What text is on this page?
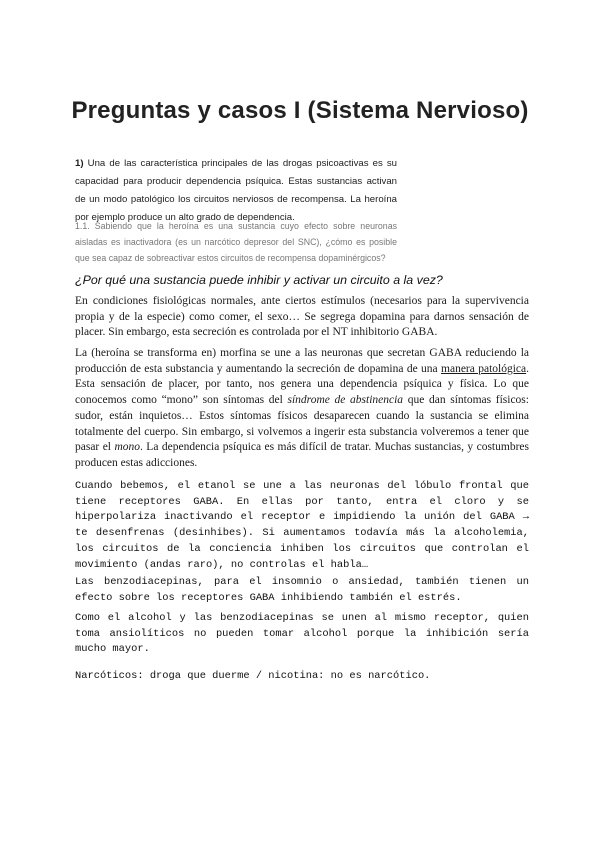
Preguntas y casos I (Sistema Nervioso)
1) Una de las característica principales de las drogas psicoactivas es su capacidad para producir dependencia psíquica. Estas sustancias activan de un modo patológico los circuitos nerviosos de recompensa. La heroína por ejemplo produce un alto grado de dependencia.
1.1. Sabiendo que la heroína es una sustancia cuyo efecto sobre neuronas aisladas es inactivadora (es un narcótico depresor del SNC), ¿cómo es posible que sea capaz de sobreactivar estos circuitos de recompensa dopaminérgicos?
¿Por qué una sustancia puede inhibir y activar un circuito a la vez?

En condiciones fisiológicas normales, ante ciertos estímulos (necesarios para la supervivencia propia y de la especie) como comer, el sexo… Se segrega dopamina para darnos sensación de placer. Sin embargo, esta secreción es controlada por el NT inhibitorio GABA.

La (heroína se transforma en) morfina se une a las neuronas que secretan GABA reduciendo la producción de esta substancia y aumentando la secreción de dopamina de una manera patológica. Esta sensación de placer, por tanto, nos genera una dependencia psíquica y física. Lo que conocemos como “mono” son síntomas del síndrome de abstinencia que dan síntomas físicos: sudor, están inquietos… Estos síntomas físicos desaparecen cuando la sustancia se elimina totalmente del cuerpo. Sin embargo, si volvemos a ingerir esta substancia volveremos a tener que pasar el mono. La dependencia psíquica es más difícil de tratar. Muchas sustancias, y costumbres producen estas adicciones.

Cuando bebemos, el etanol se une a las neuronas del lóbulo frontal que tiene receptores GABA. En ellas por tanto, entra el cloro y se hiperpolariza inactivando el receptor e impidiendo la unión del GABA → te desenfrenas (desinhibes). Si aumentamos todavía más la alcoholemia, los circuitos de la conciencia inhiben los circuitos que controlan el movimiento (andas raro), no controlas el habla…

Las benzodiacepinas, para el insomnio o ansiedad, también tienen un efecto sobre los receptores GABA inhibiendo también el estrés.

Como el alcohol y las benzodiacepinas se unen al mismo receptor, quien toma ansiolíticos no pueden tomar alcohol porque la inhibición sería mucho mayor.

Narcóticos: droga que duerme / nicotina: no es narcótico.
